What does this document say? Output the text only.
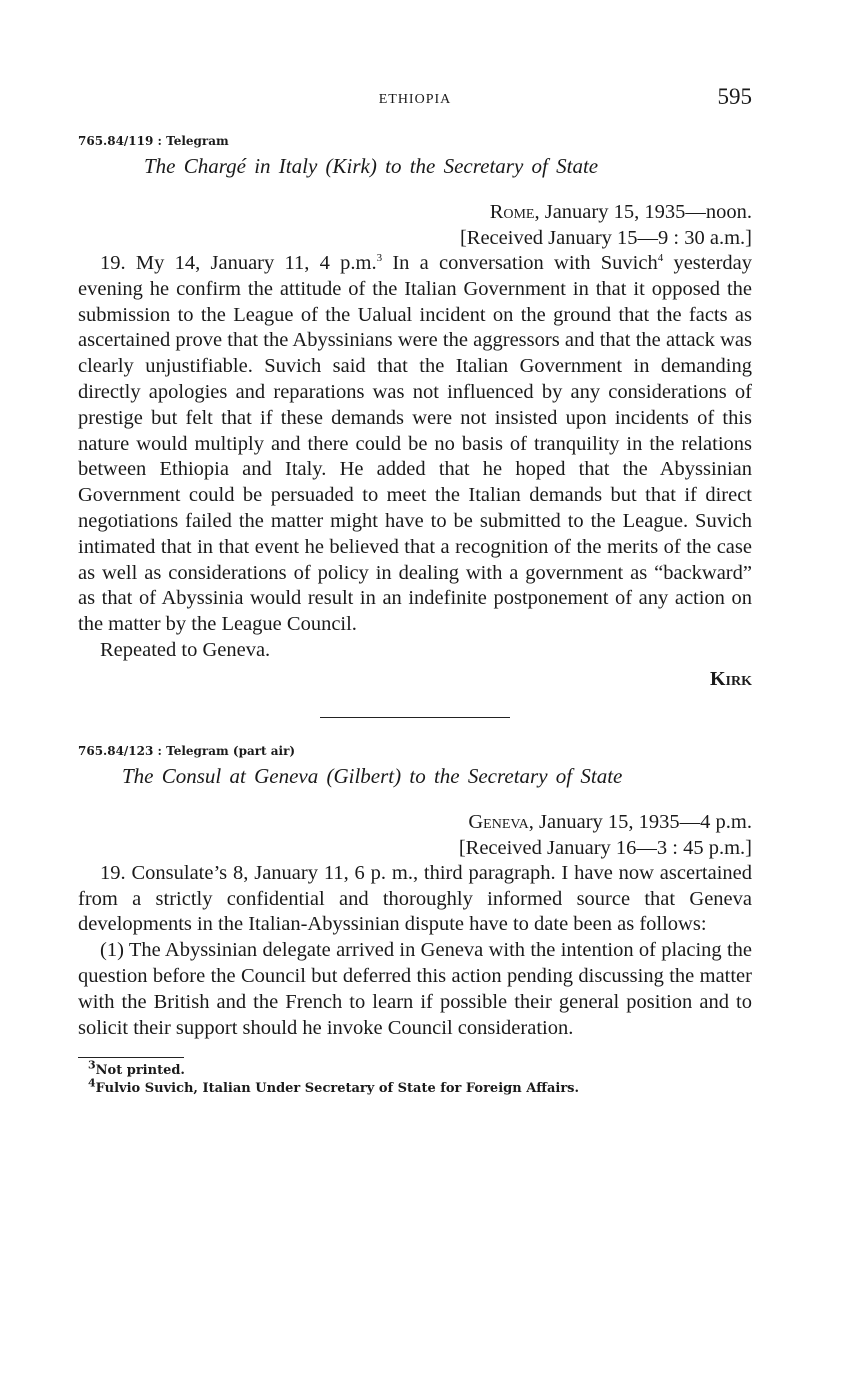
ETHIOPIA	595
765.84/119 : Telegram
The Chargé in Italy (Kirk) to the Secretary of State
Rome, January 15, 1935—noon.
[Received January 15—9 : 30 a.m.]

19. My 14, January 11, 4 p.m.$^3$ In a conversation with Suvich$^4$ yesterday evening he confirm the attitude of the Italian Government in that it opposed the submission to the League of the Ualual incident on the ground that the facts as ascertained prove that the Abyssinians were the aggressors and that the attack was clearly unjustifiable. Suvich said that the Italian Government in demanding directly apologies and reparations was not influenced by any considerations of prestige but felt that if these demands were not insisted upon incidents of this nature would multiply and there could be no basis of tranquility in the relations between Ethiopia and Italy. He added that he hoped that the Abyssinian Government could be persuaded to meet the Italian demands but that if direct negotiations failed the matter might have to be submitted to the League. Suvich intimated that in that event he believed that a recognition of the merits of the case as well as considerations of policy in dealing with a government as “backward” as that of Abyssinia would result in an indefinite postponement of any action on the matter by the League Council.

Repeated to Geneva.

Kirk
765.84/123 : Telegram (part air)
The Consul at Geneva (Gilbert) to the Secretary of State
Geneva, January 15, 1935—4 p.m.
[Received January 16—3 : 45 p.m.]

19. Consulate’s 8, January 11, 6 p. m., third paragraph. I have now ascertained from a strictly confidential and thoroughly informed source that Geneva developments in the Italian-Abyssinian dispute have to date been as follows:

(1) The Abyssinian delegate arrived in Geneva with the intention of placing the question before the Council but deferred this action pending discussing the matter with the British and the French to learn if possible their general position and to solicit their support should he invoke Council consideration.

$^3$Not printed.
$^4$Fulvio Suvich, Italian Under Secretary of State for Foreign Affairs.
